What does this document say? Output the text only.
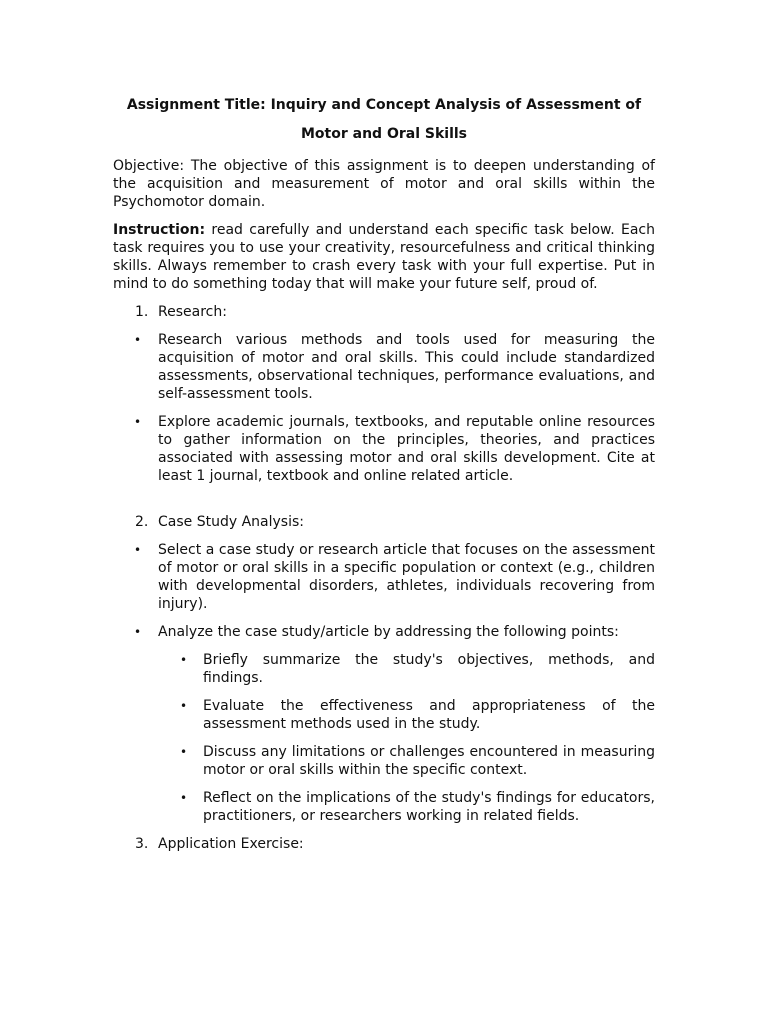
Assignment Title: Inquiry and Concept Analysis of Assessment of
Motor and Oral Skills

Objective: The objective of this assignment is to deepen understanding of the acquisition and measurement of motor and oral skills within the Psychomotor domain.

Instruction: read carefully and understand each specific task below. Each task requires you to use your creativity, resourcefulness and critical thinking skills. Always remember to crash every task with your full expertise. Put in mind to do something today that will make your future self, proud of.

1. Research:
• Research various methods and tools used for measuring the acquisition of motor and oral skills. This could include standardized assessments, observational techniques, performance evaluations, and self-assessment tools.
• Explore academic journals, textbooks, and reputable online resources to gather information on the principles, theories, and practices associated with assessing motor and oral skills development. Cite at least 1 journal, textbook and online related article.
2. Case Study Analysis:
• Select a case study or research article that focuses on the assessment of motor or oral skills in a specific population or context (e.g., children with developmental disorders, athletes, individuals recovering from injury).
• Analyze the case study/article by addressing the following points:
• Briefly summarize the study's objectives, methods, and findings.
• Evaluate the effectiveness and appropriateness of the assessment methods used in the study.
• Discuss any limitations or challenges encountered in measuring motor or oral skills within the specific context.
• Reflect on the implications of the study's findings for educators, practitioners, or researchers working in related fields.
3. Application Exercise:
